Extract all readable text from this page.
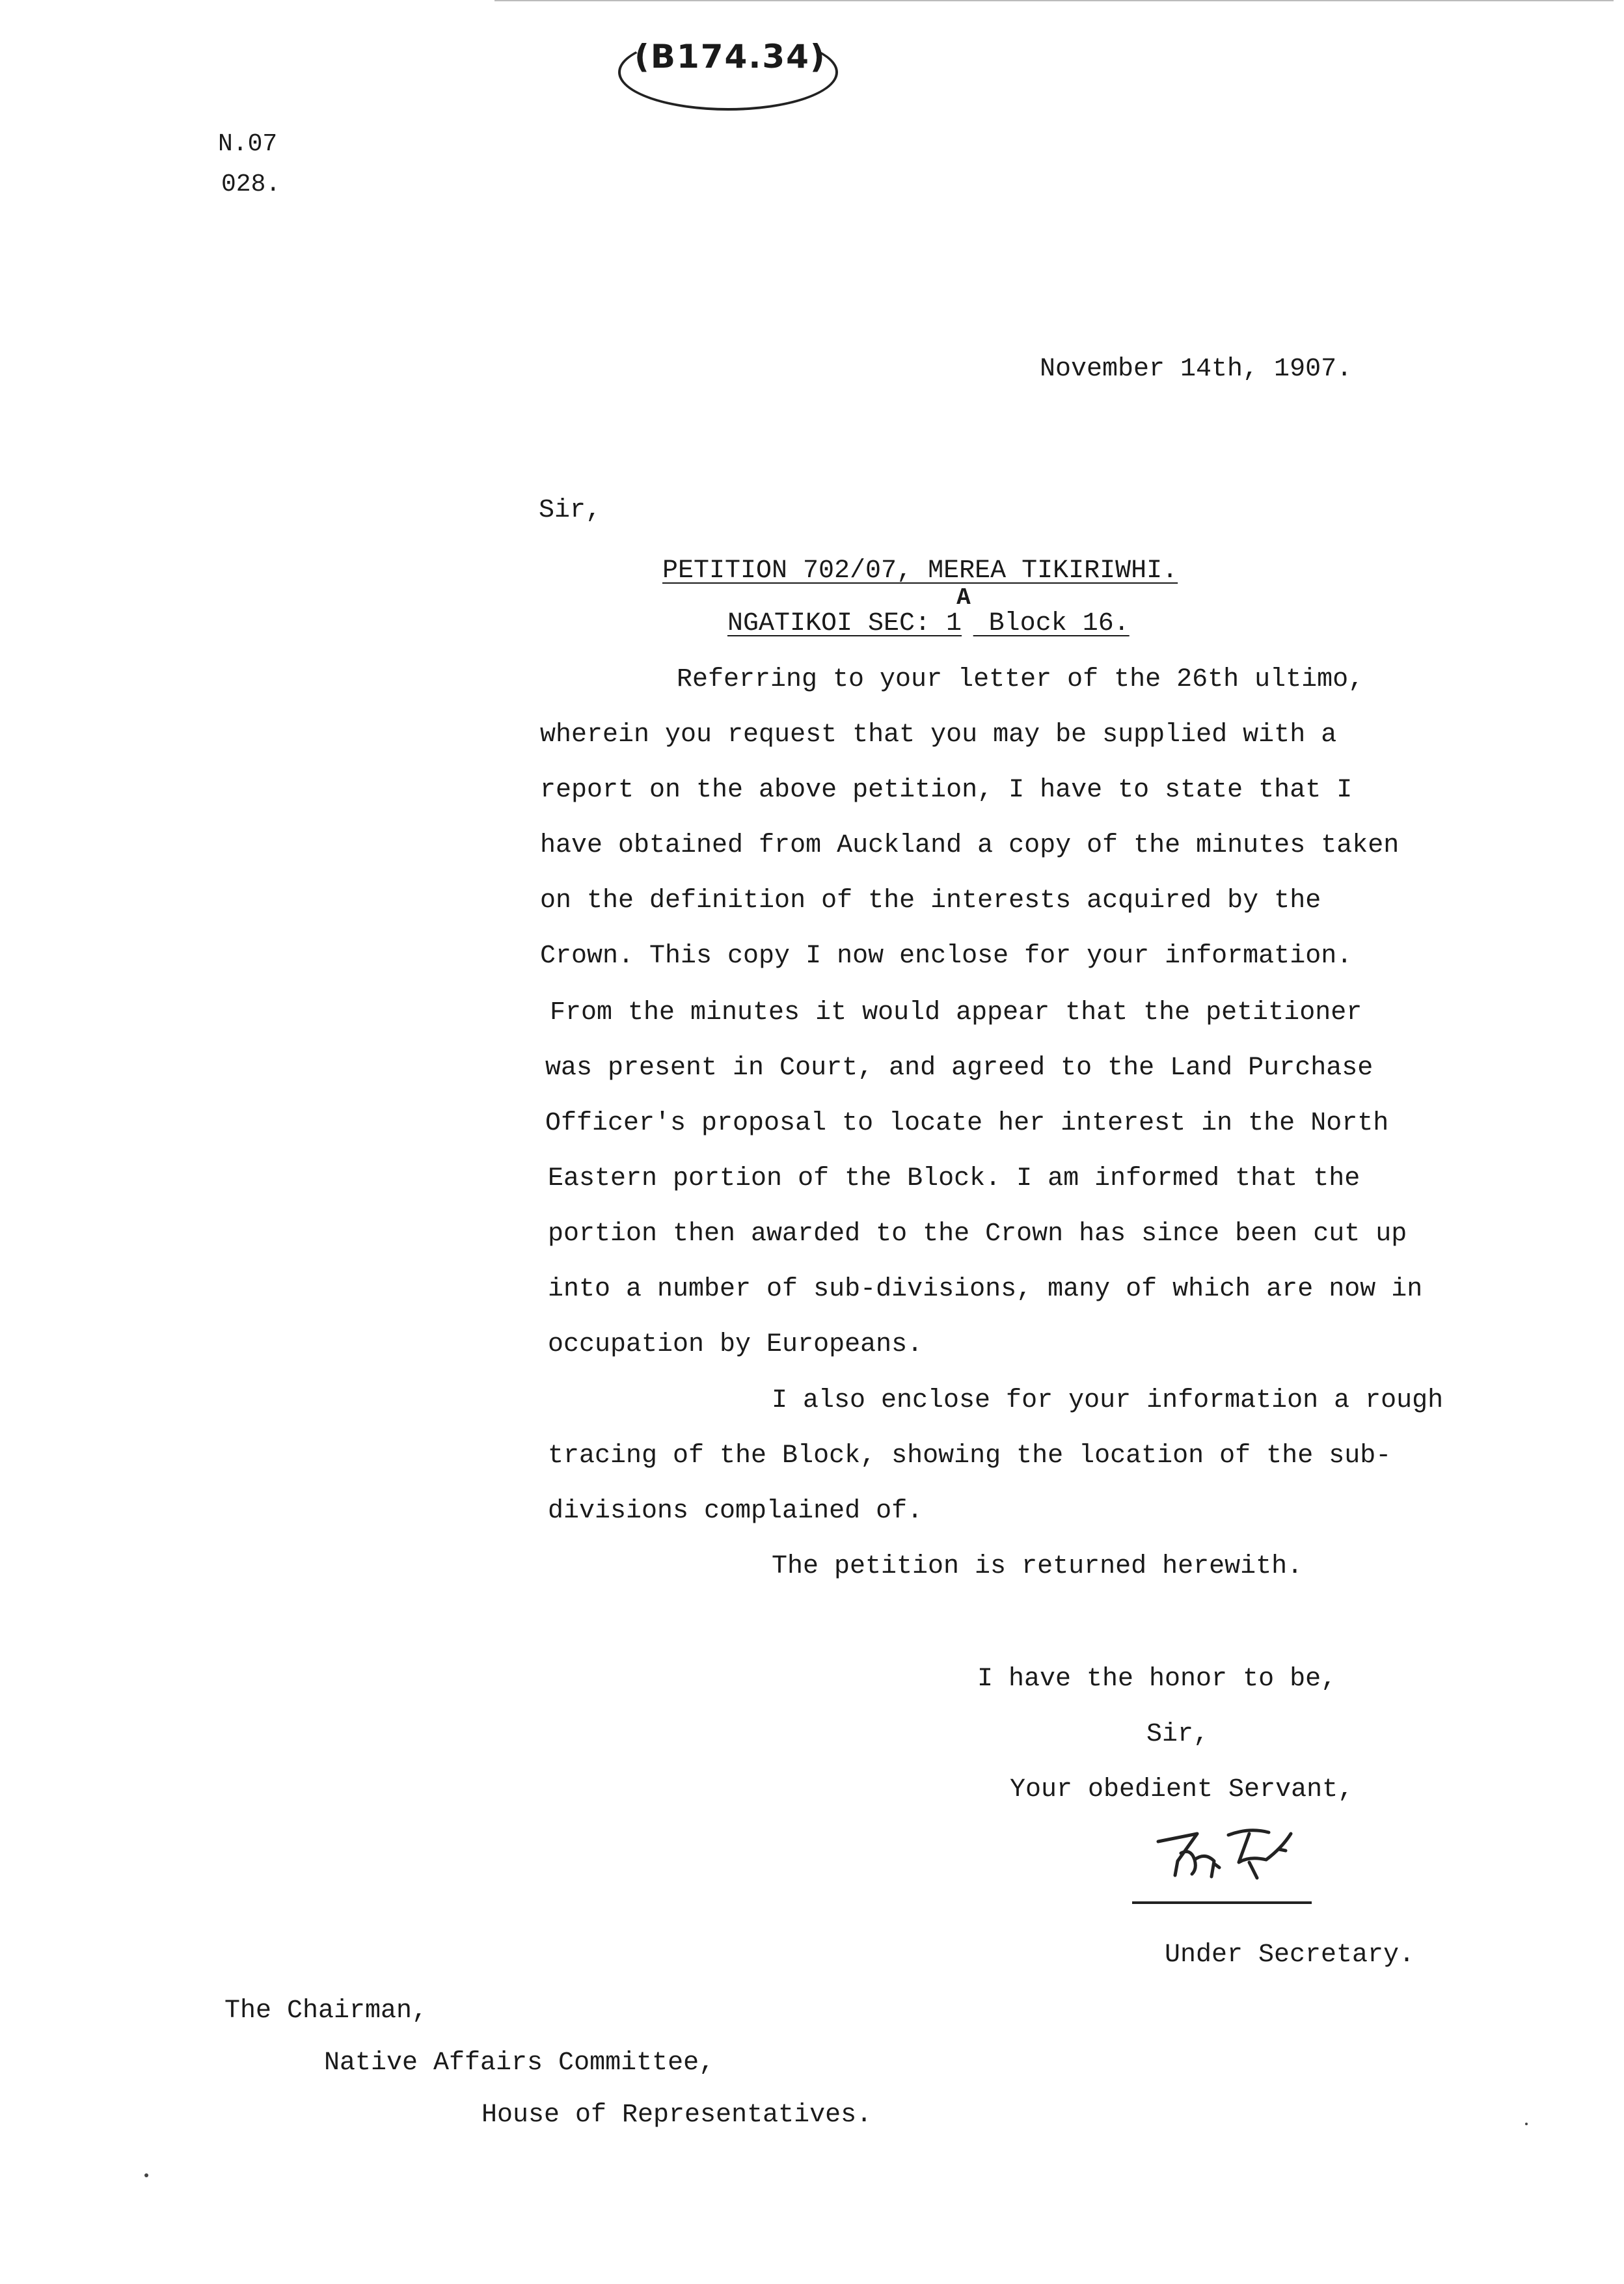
(B174.34)
N.07
028.
November 14th, 1907.
Sir,
PETITION 702/07, MEREA TIKIRIWHI.
NGATIKOI SEC: 1A Block 16.
Referring to your letter of the 26th ultimo,
wherein you request that you may be supplied with a
report on the above petition, I have to state that I
have obtained from Auckland a copy of the minutes taken
on the definition of the interests acquired by the
Crown. This copy I now enclose for your information.
From the minutes it would appear that the petitioner
was present in Court, and agreed to the Land Purchase
Officer's proposal to locate her interest in the North
Eastern portion of the Block. I am informed that the
portion then awarded to the Crown has since been cut up
into a number of sub-divisions, many of which are now in
occupation by Europeans.
I also enclose for your information a rough
tracing of the Block, showing the location of the sub-
divisions complained of.
The petition is returned herewith.
I have the honor to be,
Sir,
Your obedient Servant,
Under Secretary.
The Chairman,
Native Affairs Committee,
House of Representatives.
